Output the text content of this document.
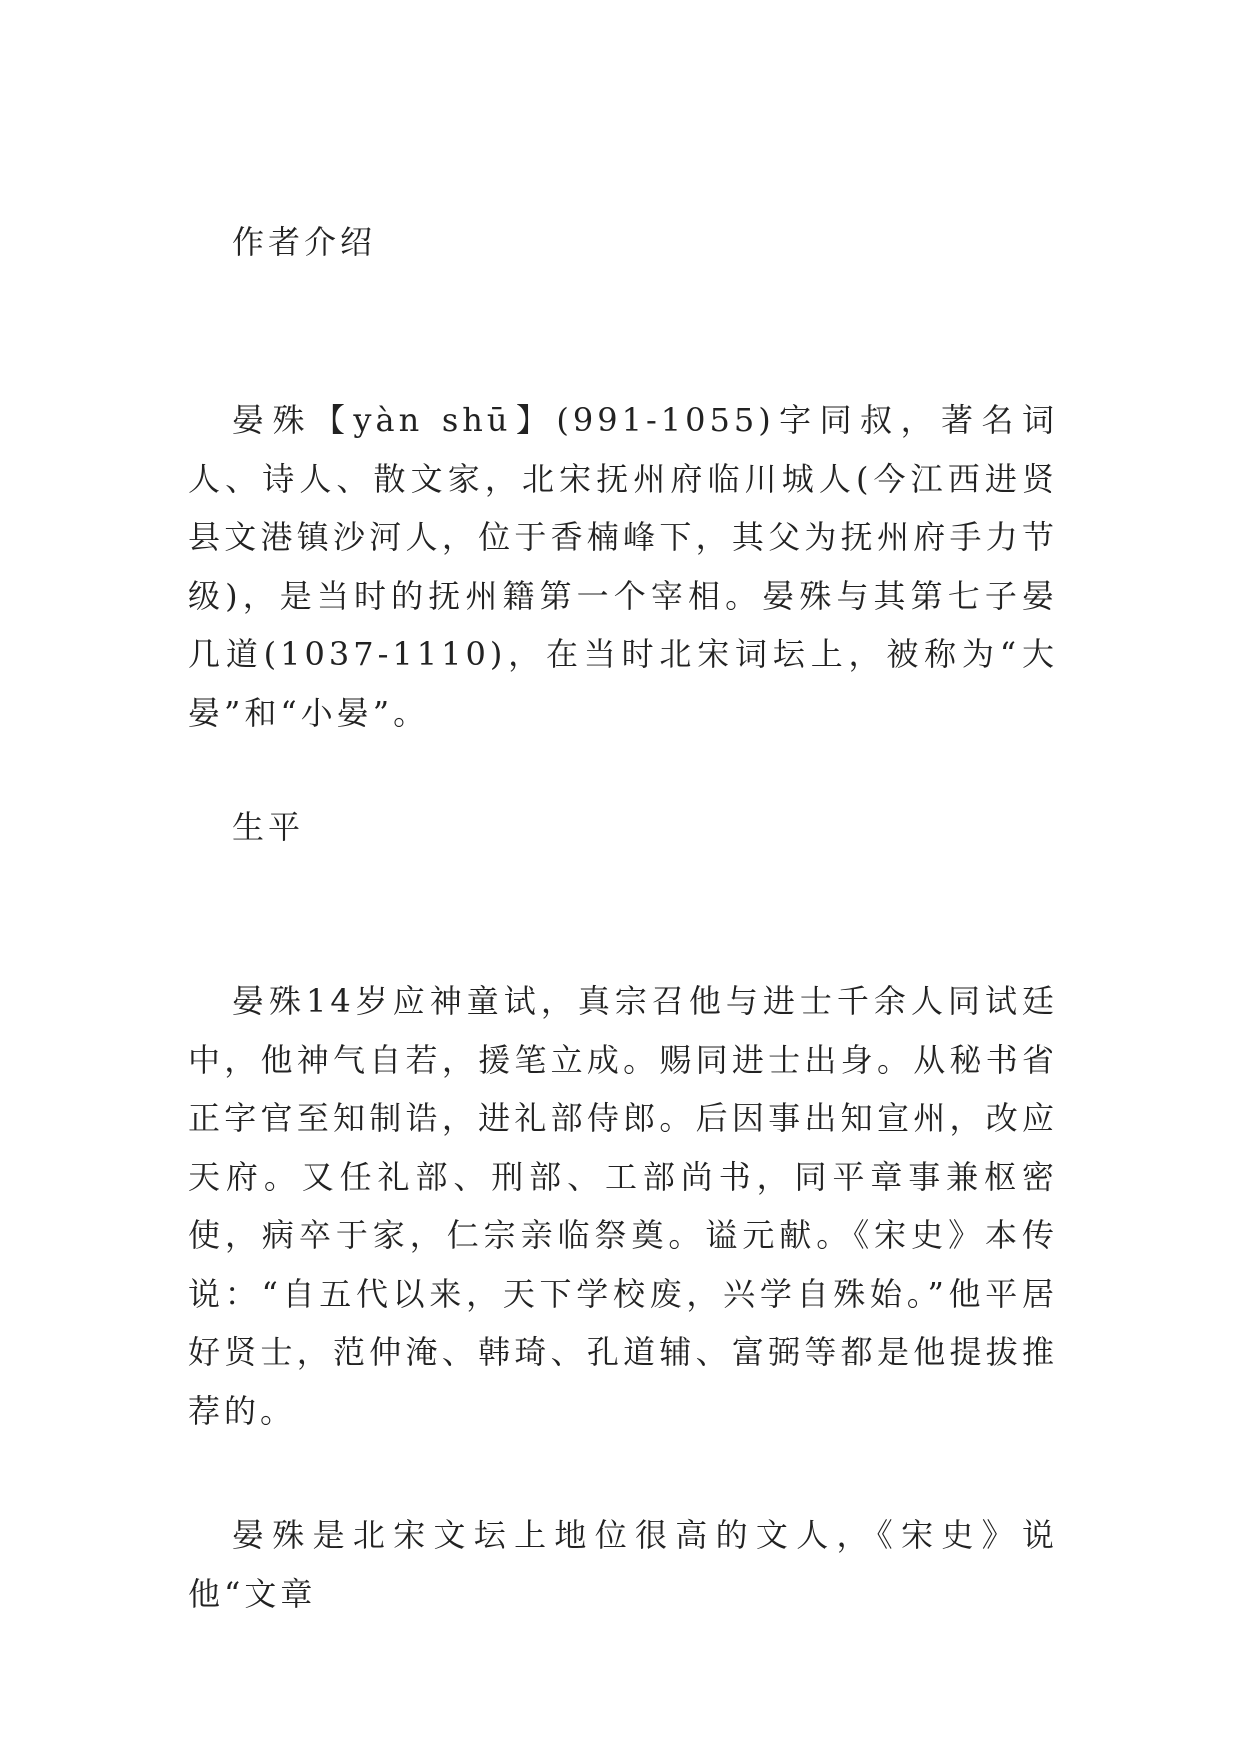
作者介绍
晏殊【yàn shū】(991-1055)字同叔，著名词人、诗人、散文家，北宋抚州府临川城人(今江西进贤县文港镇沙河人，位于香楠峰下，其父为抚州府手力节级)，是当时的抚州籍第一个宰相。晏殊与其第七子晏几道(1037-1110)，在当时北宋词坛上，被称为“大晏”和“小晏”。
生平
晏殊14岁应神童试，真宗召他与进士千余人同试廷中，他神气自若，援笔立成。赐同进士出身。从秘书省正字官至知制诰，进礼部侍郎。后因事出知宣州，改应天府。又任礼部、刑部、工部尚书，同平章事兼枢密使，病卒于家，仁宗亲临祭奠。谥元献。《宋史》本传说：“自五代以来，天下学校废，兴学自殊始。”他平居好贤士，范仲淹、韩琦、孔道辅、富弼等都是他提拔推荐的。
晏殊是北宋文坛上地位很高的文人，《宋史》说他“文章
